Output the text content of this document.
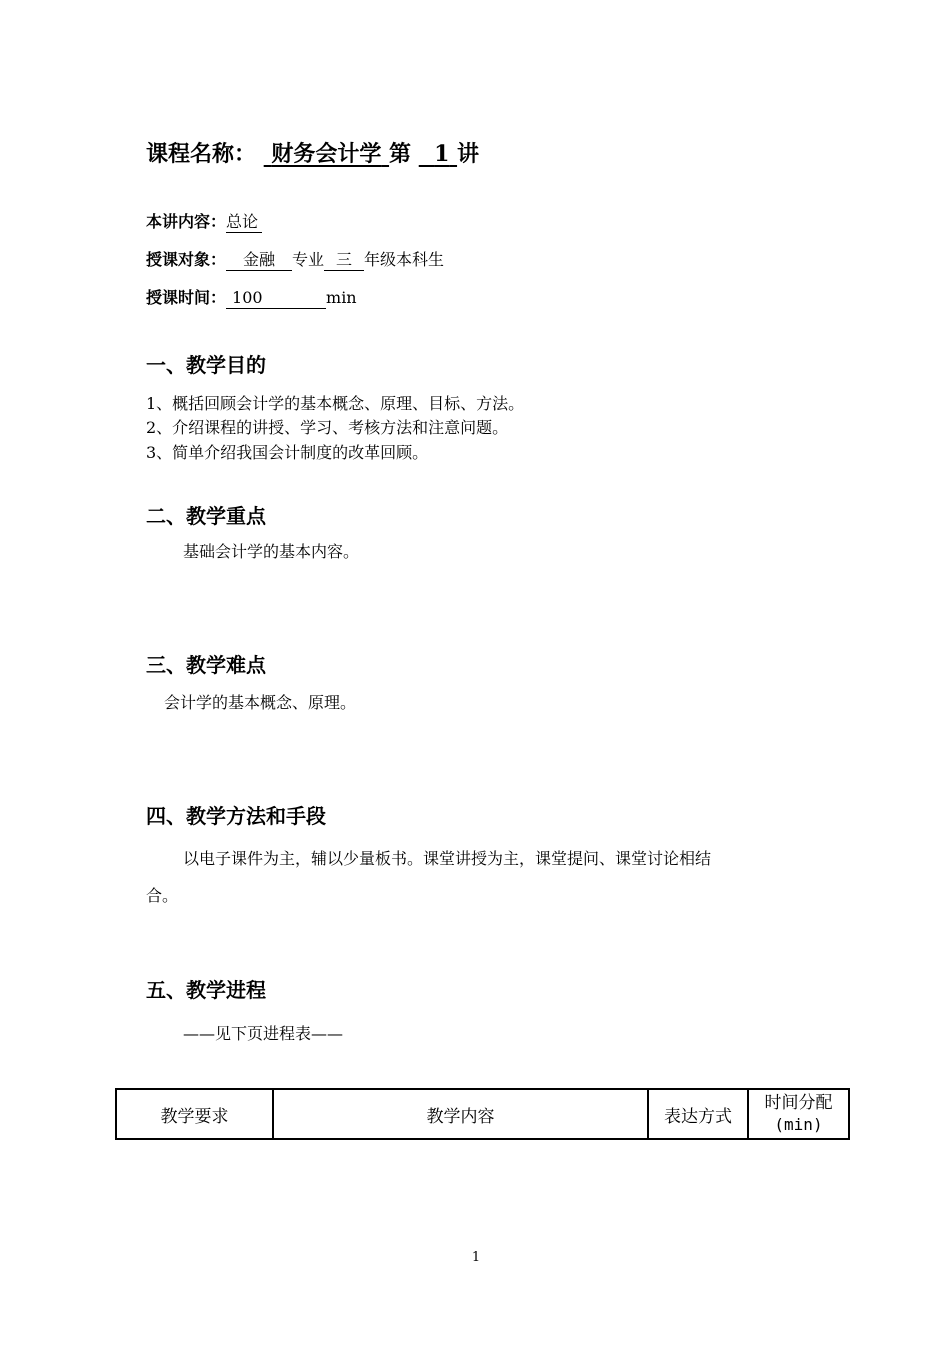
课程名称： 财务会计学 第 1 讲
本讲内容：总论
授课对象： 金融 专业 三 年级本科生
授课时间： 100	min
一、教学目的
1、概括回顾会计学的基本概念、原理、目标、方法。
2、介绍课程的讲授、学习、考核方法和注意问题。
3、简单介绍我国会计制度的改革回顾。
二、教学重点
基础会计学的基本内容。
三、教学难点
会计学的基本概念、原理。
四、教学方法和手段
以电子课件为主，辅以少量板书。课堂讲授为主，课堂提问、课堂讨论相结
合。
五、教学进程
——见下页进程表——
教学要求	教学内容	表达方式	时间分配
(min)
1
